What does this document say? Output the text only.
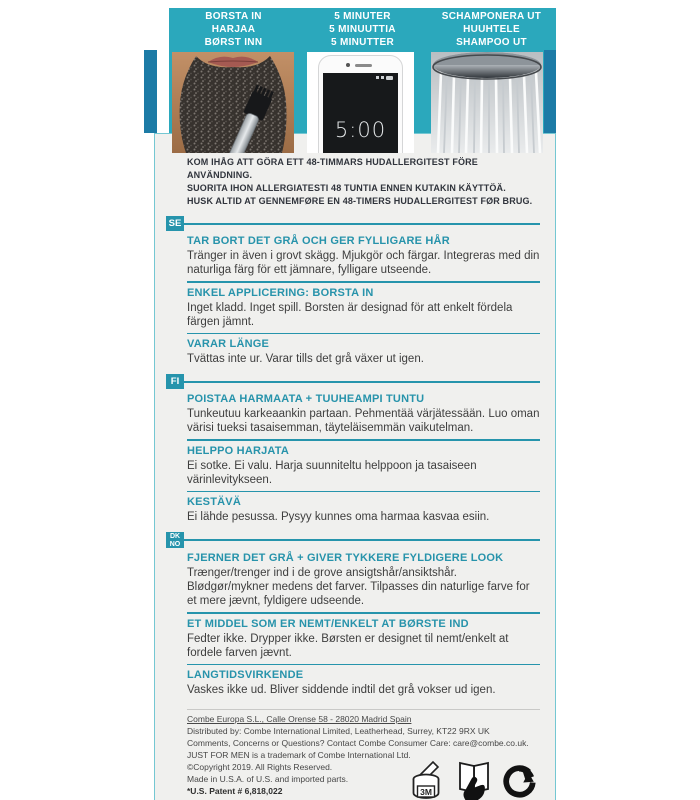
BORSTA IN
HARJAA
BØRST INN
5 MINUTER
5 MINUUTTIA
5 MINUTTER
SCHAMPONERA UT
HUUHTELE
SHAMPOO UT
5:00
KOM IHÅG ATT GÖRA ETT 48-TIMMARS HUDALLERGITEST FÖRE ANVÄNDNING.
SUORITA IHON ALLERGIATESTI 48 TUNTIA ENNEN KUTAKIN KÄYTTÖÄ.
HUSK ALTID AT GENNEMFØRE EN 48-TIMERS HUDALLERGITEST FØR BRUG.
SE
TAR BORT DET GRÅ OCH GER FYLLIGARE HÅR

Tränger in även i grovt skägg. Mjukgör och färgar. Integreras med din naturliga färg för ett jämnare, fylligare utseende.

ENKEL APPLICERING: BORSTA IN

Inget kladd. Inget spill. Borsten är designad för att enkelt fördela färgen jämnt.

VARAR LÄNGE

Tvättas inte ur. Varar tills det grå växer ut igen.

FI
POISTAA HARMAATA + TUUHEAMPI TUNTU

Tunkeutuu karkeaankin partaan. Pehmentää värjätessään. Luo oman värisi tueksi tasaisemman, täyteläisemmän vaikutelman.

HELPPO HARJATA

Ei sotke. Ei valu. Harja suunniteltu helppoon ja tasaiseen värinlevitykseen.

KESTÄVÄ

Ei lähde pesussa. Pysyy kunnes oma harmaa kasvaa esiin.

DK
NO
FJERNER DET GRÅ + GIVER TYKKERE FYLDIGERE LOOK

Trænger/trenger ind i de grove ansigtshår/ansiktshår. Blødgør/mykner medens det farver. Tilpasses din naturlige farve for et mere jævnt, fyldigere udseende.

ET MIDDEL SOM ER NEMT/ENKELT AT BØRSTE IND

Fedter ikke. Drypper ikke. Børsten er designet til nemt/enkelt at fordele farven jævnt.

LANGTIDSVIRKENDE

Vaskes ikke ud. Bliver siddende indtil det grå vokser ud igen.

Combe Europa S.L., Calle Orense 58 - 28020 Madrid Spain

Distributed by: Combe International Limited, Leatherhead, Surrey, KT22 9RX UK

Comments, Concerns or Questions? Contact Combe Consumer Care: care@combe.co.uk.

JUST FOR MEN is a trademark of Combe International Ltd.

©Copyright 2019. All Rights Reserved.

Made in U.S.A. of U.S. and imported parts.

*U.S. Patent # 6,818,022	3M
